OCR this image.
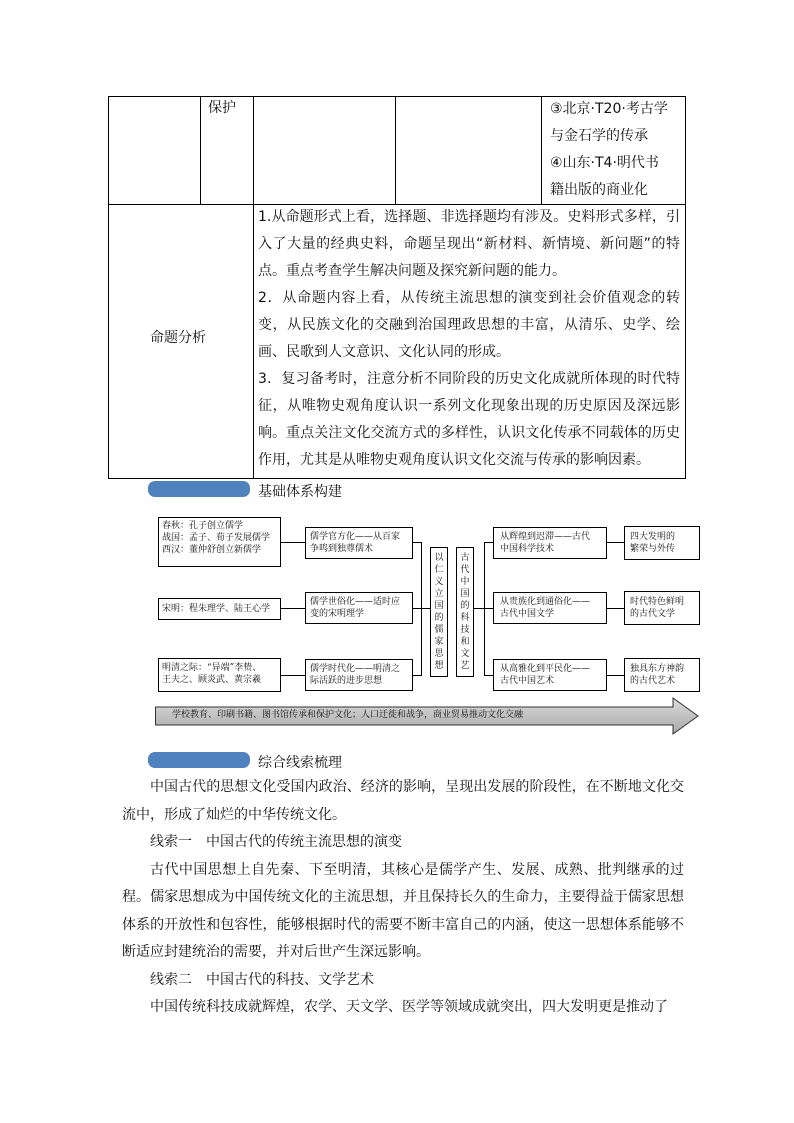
保护	③北京·T20·考古学
与金石学的传承
④山东·T4·明代书
籍出版的商业化
命题分析

1.从命题形式上看，选择题、非选择题均有涉及。史料形式多样，引入了大量的经典史料，命题呈现出“新材料、新情境、新问题”的特点。重点考查学生解决问题及探究新问题的能力。

2．从命题内容上看，从传统主流思想的演变到社会价值观念的转变，从民族文化的交融到治国理政思想的丰富，从清乐、史学、绘画、民歌到人文意识、文化认同的形成。

3．复习备考时，注意分析不同阶段的历史文化成就所体现的时代特征，从唯物史观角度认识一系列文化现象出现的历史原因及深远影响。重点关注文化交流方式的多样性，认识文化传承不同载体的历史作用，尤其是从唯物史观角度认识文化交流与传承的影响因素。

基础体系构建
春秋：孔子创立儒学
战国：孟子、荀子发展儒学
西汉：董仲舒创立新儒学
宋明：程朱理学、陆王心学
明清之际：“异端”李贽、
王夫之、顾炎武、黄宗羲
儒学官方化——从百家
争鸣到独尊儒术
儒学世俗化——适时应
变的宋明理学
儒学时代化——明清之
际活跃的进步思想
以
仁
义
立
国
的
儒
家
思
想
古
代
中
国
的
科
技
和
文
艺
从辉煌到迟滞——古代
中国科学技术
从贵族化到通俗化——
古代中国文学
从高雅化到平民化——
古代中国艺术
四大发明的
繁荣与外传
时代特色鲜明
的古代文学
独具东方神韵
的古代艺术
学校教育、印刷书籍、图书馆传承和保护文化；人口迁徙和战争，商业贸易推动文化交融
综合线索梳理

中国古代的思想文化受国内政治、经济的影响，呈现出发展的阶段性，在不断地文化交流中，形成了灿烂的中华传统文化。

线索一　中国古代的传统主流思想的演变

古代中国思想上自先秦、下至明清，其核心是儒学产生、发展、成熟、批判继承的过程。儒家思想成为中国传统文化的主流思想，并且保持长久的生命力，主要得益于儒家思想体系的开放性和包容性，能够根据时代的需要不断丰富自己的内涵，使这一思想体系能够不断适应封建统治的需要，并对后世产生深远影响。

线索二　中国古代的科技、文学艺术

中国传统科技成就辉煌，农学、天文学、医学等领域成就突出，四大发明更是推动了
